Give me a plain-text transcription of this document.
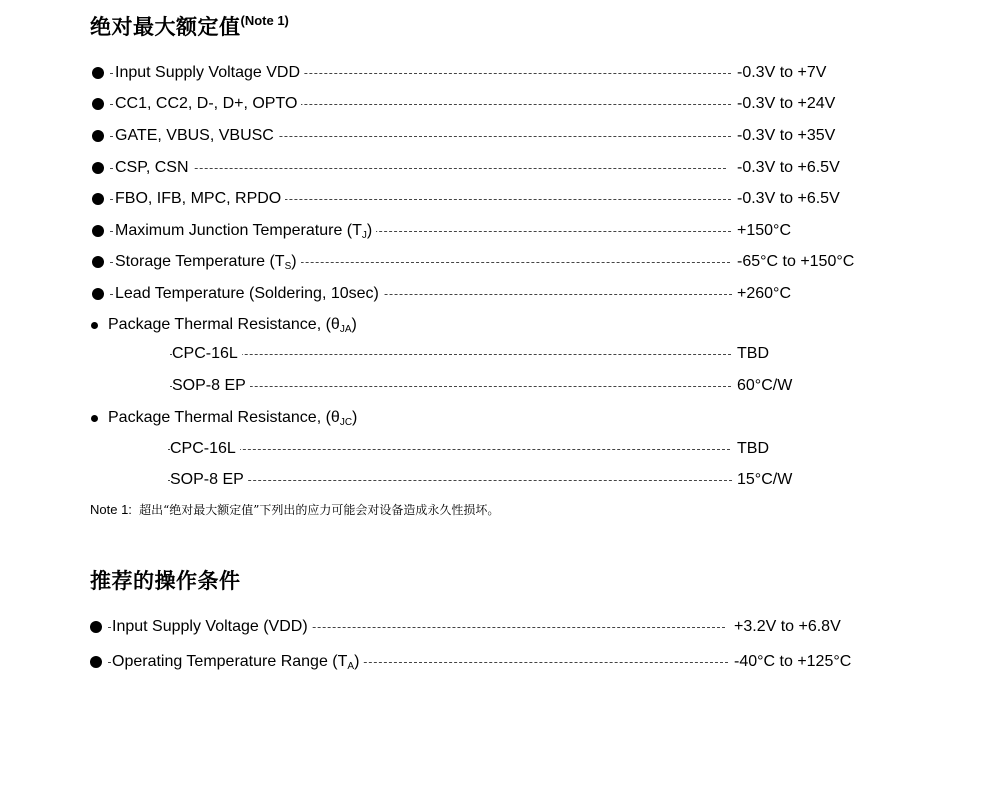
绝对最大额定值$^{(Note 1)}$
Input Supply Voltage VDD	-0.3V to +7V
CC1, CC2, D-, D+, OPTO	-0.3V to +24V
GATE, VBUS, VBUSC	-0.3V to +35V
CSP, CSN	-0.3V to +6.5V
FBO, IFB, MPC, RPDO	-0.3V to +6.5V
Maximum Junction Temperature $(T_J)$	+150°C
Storage Temperature $(T_S)$	-65°C to +150°C
Lead Temperature (Soldering, 10sec)	+260°C
Package Thermal Resistance, $(\theta_{JA})$
CPC-16L	TBD
SOP-8 EP	60°C/W
Package Thermal Resistance, $(\theta_{JC})$
CPC-16L	TBD
SOP-8 EP	15°C/W
Note 1: 超出“绝对最大额定值”下列出的应力可能会对设备造成永久性损坏。
推荐的操作条件
Input Supply Voltage (VDD)	+3.2V to +6.8V
Operating Temperature Range $(T_A)$	-40°C to +125°C
